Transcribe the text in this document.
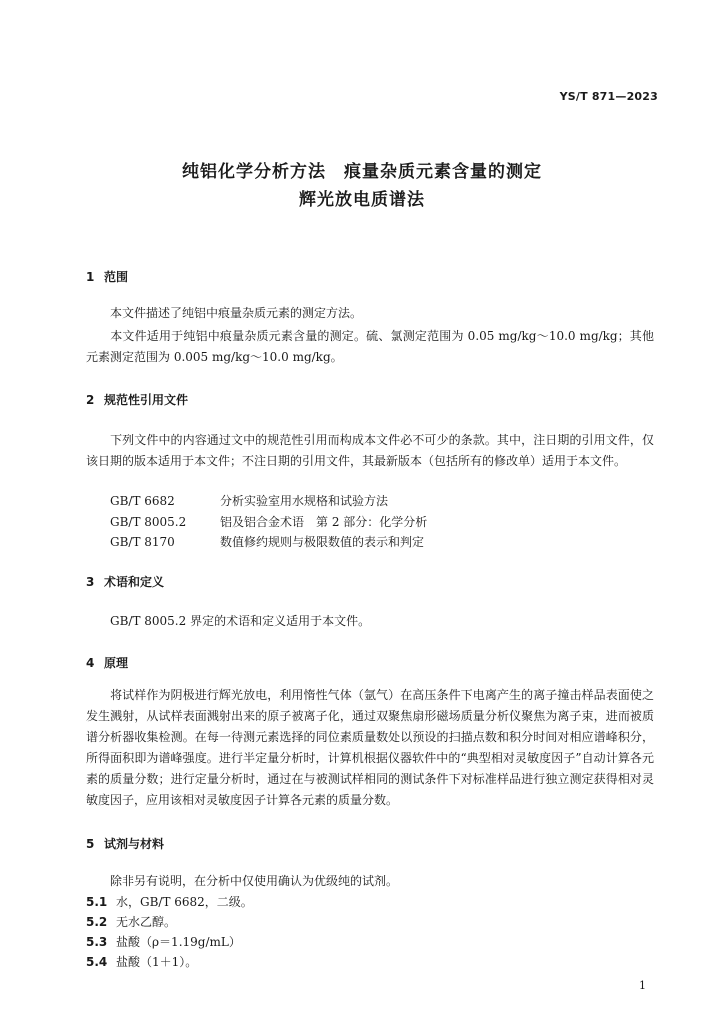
YS/T 871—2023
纯铝化学分析方法　痕量杂质元素含量的测定
辉光放电质谱法
1 范围
本文件描述了纯铝中痕量杂质元素的测定方法。
本文件适用于纯铝中痕量杂质元素含量的测定。硫、氯测定范围为 0.05 mg/kg～10.0 mg/kg；其他元素测定范围为 0.005 mg/kg～10.0 mg/kg。
2 规范性引用文件
下列文件中的内容通过文中的规范性引用而构成本文件必不可少的条款。其中，注日期的引用文件，仅该日期的版本适用于本文件；不注日期的引用文件，其最新版本（包括所有的修改单）适用于本文件。
GB/T 6682	分析实验室用水规格和试验方法
GB/T 8005.2	铝及铝合金术语　第 2 部分：化学分析
GB/T 8170	数值修约规则与极限数值的表示和判定
3 术语和定义
GB/T 8005.2 界定的术语和定义适用于本文件。
4 原理
将试样作为阴极进行辉光放电，利用惰性气体（氩气）在高压条件下电离产生的离子撞击样品表面使之发生溅射，从试样表面溅射出来的原子被离子化，通过双聚焦扇形磁场质量分析仪聚焦为离子束，进而被质谱分析器收集检测。在每一待测元素选择的同位素质量数处以预设的扫描点数和积分时间对相应谱峰积分，所得面积即为谱峰强度。进行半定量分析时，计算机根据仪器软件中的“典型相对灵敏度因子”自动计算各元素的质量分数；进行定量分析时，通过在与被测试样相同的测试条件下对标准样品进行独立测定获得相对灵敏度因子，应用该相对灵敏度因子计算各元素的质量分数。
5 试剂与材料
除非另有说明，在分析中仅使用确认为优级纯的试剂。
5.1 水，GB/T 6682，二级。
5.2 无水乙醇。
5.3 盐酸（ρ＝1.19g/mL）
5.4 盐酸（1＋1）。
1
